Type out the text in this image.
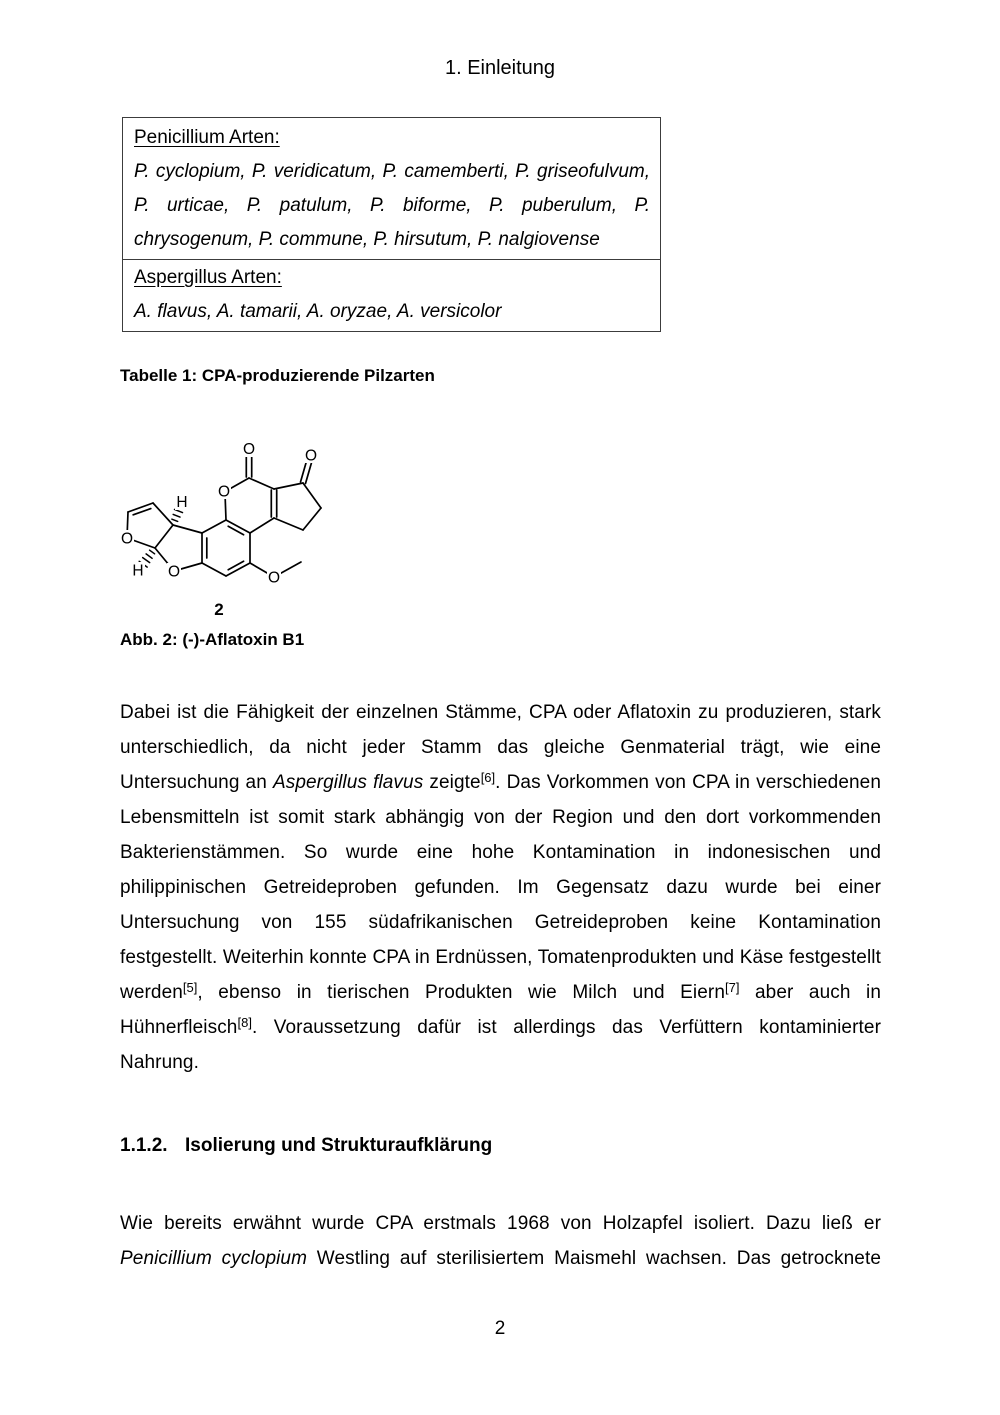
1. Einleitung
Penicillium Arten:
P. cyclopium, P. veridicatum, P. camemberti, P. griseofulvum, P. urticae, P. patulum, P. biforme, P. puberulum, P. chrysogenum, P. commune, P. hirsutum, P. nalgiovense
Aspergillus Arten:
A. flavus, A. tamarii, A. oryzae, A. versicolor
Tabelle 1: CPA-produzierende Pilzarten
O
O
O
O
O	O
H
H
2
Abb. 2: (-)-Aflatoxin B1
Dabei ist die Fähigkeit der einzelnen Stämme, CPA oder Aflatoxin zu produzieren, stark unterschiedlich, da nicht jeder Stamm das gleiche Genmaterial trägt, wie eine Untersuchung an Aspergillus flavus zeigte[6]. Das Vorkommen von CPA in verschiedenen Lebensmitteln ist somit stark abhängig von der Region und den dort vorkommenden Bakterienstämmen. So wurde eine hohe Kontamination in indonesischen und philippinischen Getreideproben gefunden. Im Gegensatz dazu wurde bei einer Untersuchung von 155 südafrikanischen Getreideproben keine Kontamination festgestellt. Weiterhin konnte CPA in Erdnüssen, Tomatenprodukten und Käse festgestellt werden[5], ebenso in tierischen Produkten wie Milch und Eiern[7] aber auch in Hühnerfleisch[8]. Voraussetzung dafür ist allerdings das Verfüttern kontaminierter Nahrung.
1.1.2. Isolierung und Strukturaufklärung
Wie bereits erwähnt wurde CPA erstmals 1968 von Holzapfel isoliert. Dazu ließ er Penicillium cyclopium Westling auf sterilisiertem Maismehl wachsen. Das getrocknete
2
